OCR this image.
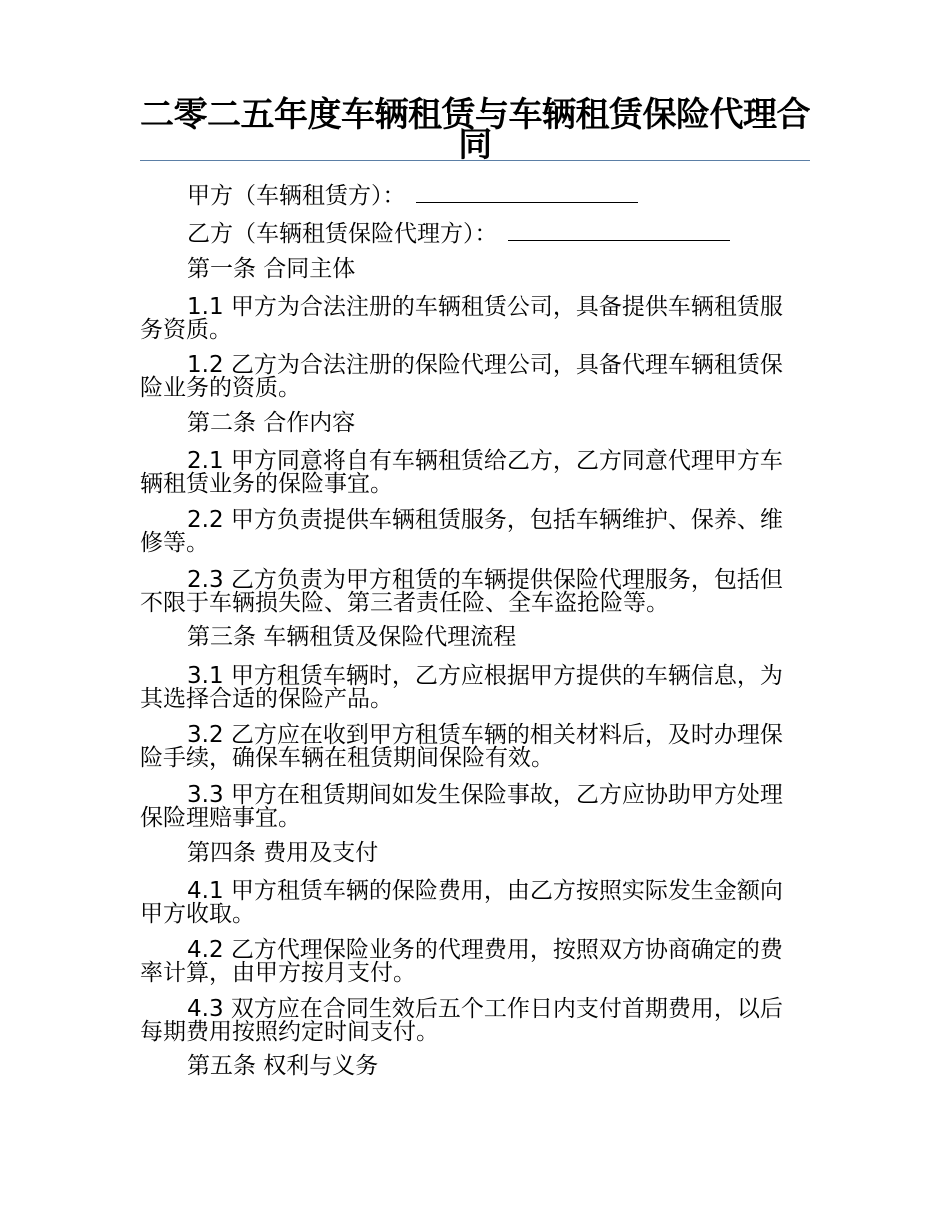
二零二五年度车辆租赁与车辆租赁保险代理合同

甲方（车辆租赁方）：

乙方（车辆租赁保险代理方）：

第一条 合同主体

1.1 甲方为合法注册的车辆租赁公司，具备提供车辆租赁服务资质。

1.2 乙方为合法注册的保险代理公司，具备代理车辆租赁保险业务的资质。

第二条 合作内容

2.1 甲方同意将自有车辆租赁给乙方，乙方同意代理甲方车辆租赁业务的保险事宜。

2.2 甲方负责提供车辆租赁服务，包括车辆维护、保养、维修等。

2.3 乙方负责为甲方租赁的车辆提供保险代理服务，包括但不限于车辆损失险、第三者责任险、全车盗抢险等。

第三条 车辆租赁及保险代理流程

3.1 甲方租赁车辆时，乙方应根据甲方提供的车辆信息，为其选择合适的保险产品。

3.2 乙方应在收到甲方租赁车辆的相关材料后，及时办理保险手续，确保车辆在租赁期间保险有效。

3.3 甲方在租赁期间如发生保险事故，乙方应协助甲方处理保险理赔事宜。

第四条 费用及支付

4.1 甲方租赁车辆的保险费用，由乙方按照实际发生金额向甲方收取。

4.2 乙方代理保险业务的代理费用，按照双方协商确定的费率计算，由甲方按月支付。

4.3 双方应在合同生效后五个工作日内支付首期费用，以后每期费用按照约定时间支付。

第五条 权利与义务
